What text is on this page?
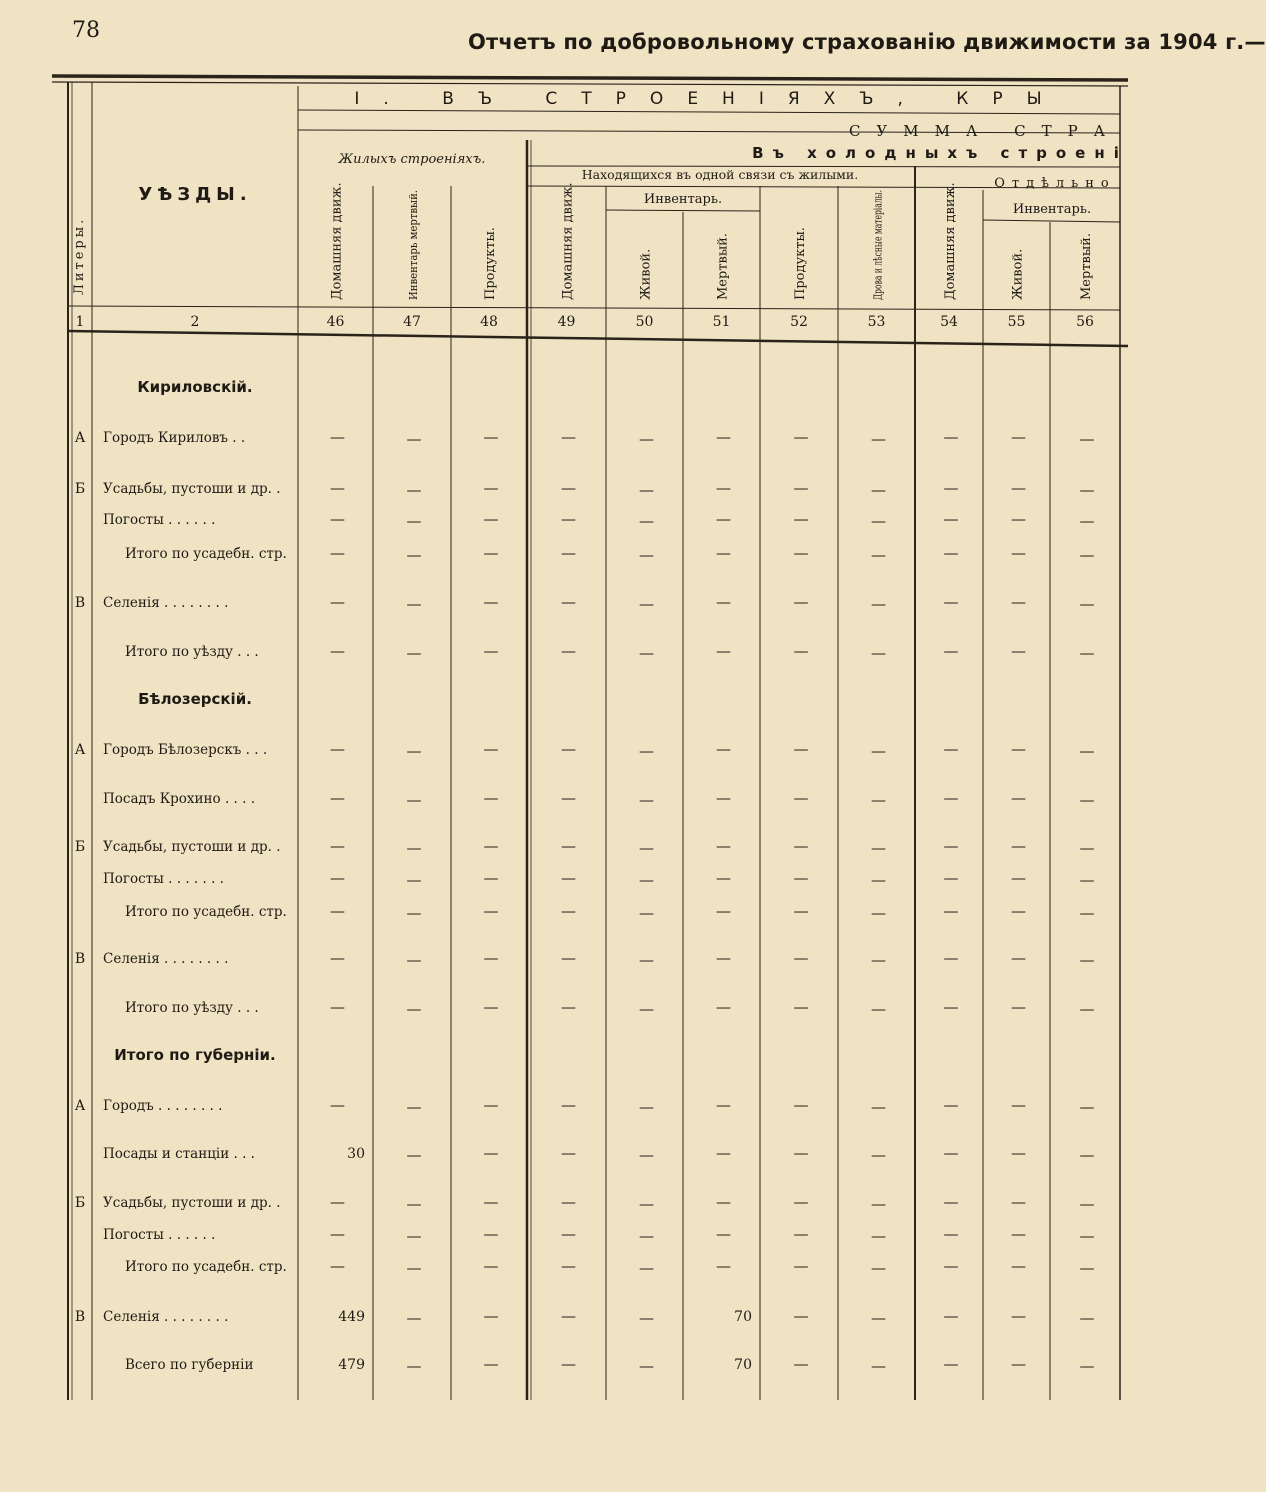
78	Отчетъ по добровольному страхованію движимости за 1904 г.—
Литеры.
УѢЗДЫ.
I. ВЪ СТРОЕНІЯХЪ, КРЫ
СУММА СТРА
Жилыхъ строеніяхъ.	Въ холодныхъ строені
Находящихся въ одной связи съ жилыми.
Отдѣльно
Инвентарь.
Инвентарь.
Домашняя движ.	Инвентарь мертвый.	Продукты.	Домашняя движ.	Живой.	Мертвый.	Продукты.	Дрова и лѣсные матеріалы.	Домашняя движ.	Живой.	Мертвый.
1	2	46	47	48	49	50	51	52	53	54	55	56
Кириловскій.
А Городъ Кириловъ . .	—	—	—	—	—	—	—	—	—	—	—
Б Усадьбы, пустоши и др. .	—	—	—	—	—	—	—	—	—	—	—
Погосты . . . . . .	—	—	—	—	—	—	—	—	—	—	—
Итого по усадебн. стр.	—	—	—	—	—	—	—	—	—	—	—
В Селенія . . . . . . . .	—	—	—	—	—	—	—	—	—	—	—
Итого по уѣзду . . .	—	—	—	—	—	—	—	—	—	—	—
Бѣлозерскій.
А Городъ Бѣлозерскъ . . .	—	—	—	—	—	—	—	—	—	—	—
Посадъ Крохино . . . .	—	—	—	—	—	—	—	—	—	—	—
Б Усадьбы, пустоши и др. .	—	—	—	—	—	—	—	—	—	—	—
Погосты . . . . . . .	—	—	—	—	—	—	—	—	—	—	—
Итого по усадебн. стр.	—	—	—	—	—	—	—	—	—	—	—
В Селенія . . . . . . . .	—	—	—	—	—	—	—	—	—	—	—
Итого по уѣзду . . .	—	—	—	—	—	—	—	—	—	—	—
Итого по губерніи.
А Городъ . . . . . . . .	—	—	—	—	—	—	—	—	—	—	—
Посады и станціи . . .	30	—	—	—	—	—	—	—	—	—	—
Б Усадьбы, пустоши и др. .	—	—	—	—	—	—	—	—	—	—	—
Погосты . . . . . .	—	—	—	—	—	—	—	—	—	—	—
Итого по усадебн. стр.	—	—	—	—	—	—	—	—	—	—	—
В Селенія . . . . . . . .	449	—	—	—	—	70	—	—	—	—	—
Всего по губерніи	479	—	—	—	—	70	—	—	—	—	—
